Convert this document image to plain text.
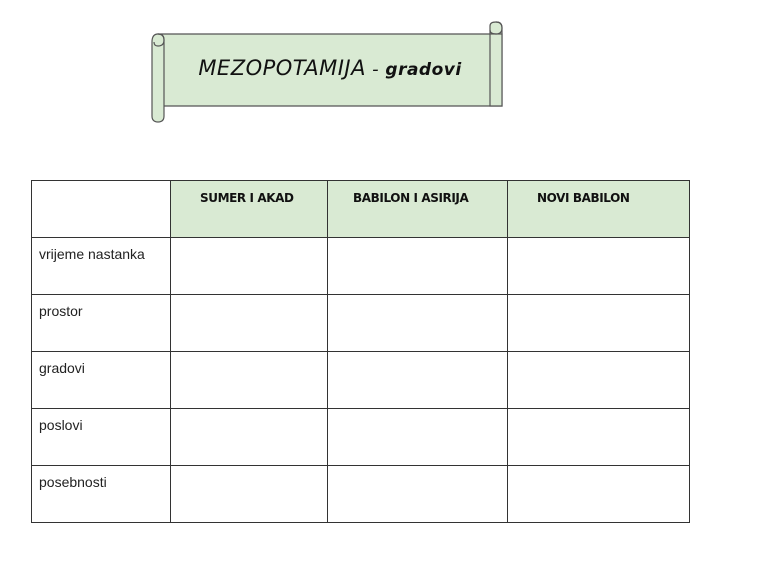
MEZOPOTAMIJA - gradovi

	SUMER I AKAD	BABILON I ASIRIJA	NOVI BABILON

vrijeme nastanka			

prostor			

gradovi			

poslovi			

posebnosti			
